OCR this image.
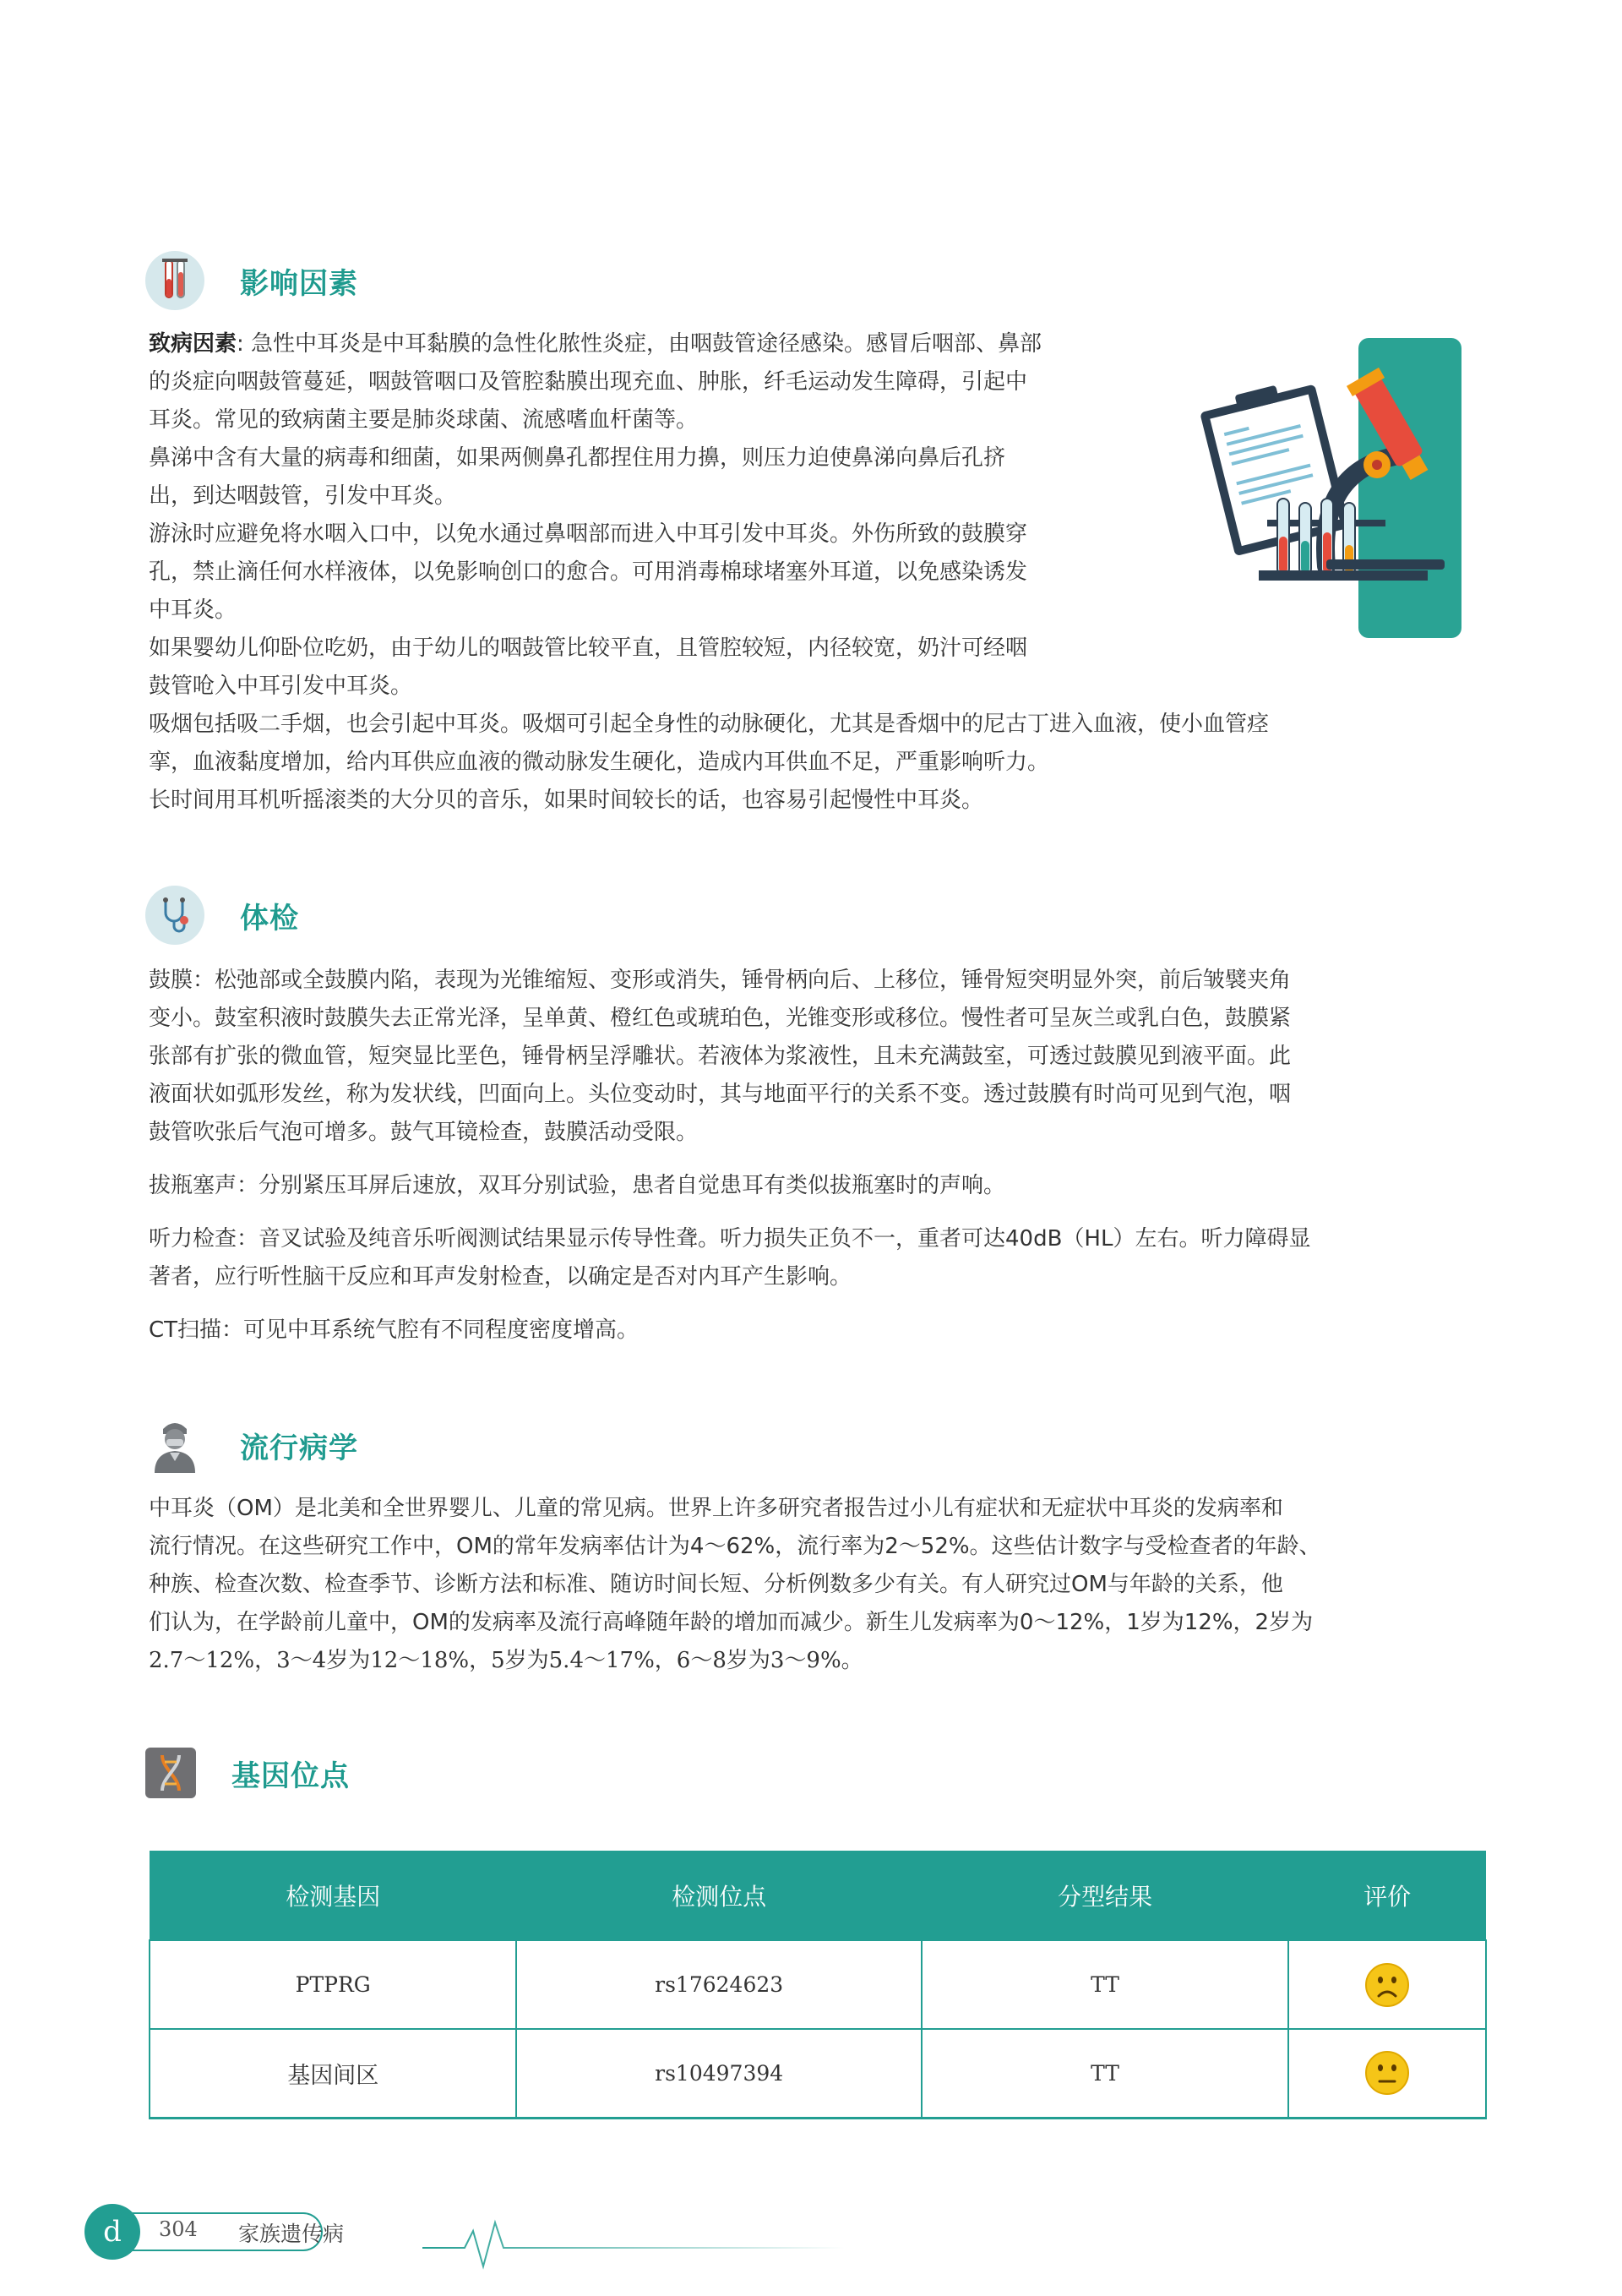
影响因素

致病因素: 急性中耳炎是中耳黏膜的急性化脓性炎症，由咽鼓管途径感染。感冒后咽部、鼻部

的炎症向咽鼓管蔓延，咽鼓管咽口及管腔黏膜出现充血、肿胀，纤毛运动发生障碍，引起中

耳炎。常见的致病菌主要是肺炎球菌、流感嗜血杆菌等。

鼻涕中含有大量的病毒和细菌，如果两侧鼻孔都捏住用力擤，则压力迫使鼻涕向鼻后孔挤

出，到达咽鼓管，引发中耳炎。

游泳时应避免将水咽入口中，以免水通过鼻咽部而进入中耳引发中耳炎。外伤所致的鼓膜穿

孔，禁止滴任何水样液体，以免影响创口的愈合。可用消毒棉球堵塞外耳道，以免感染诱发

中耳炎。

如果婴幼儿仰卧位吃奶，由于幼儿的咽鼓管比较平直，且管腔较短，内径较宽，奶汁可经咽

鼓管呛入中耳引发中耳炎。

吸烟包括吸二手烟，也会引起中耳炎。吸烟可引起全身性的动脉硬化，尤其是香烟中的尼古丁进入血液，使小血管痉

挛，血液黏度增加，给内耳供应血液的微动脉发生硬化，造成内耳供血不足，严重影响听力。

长时间用耳机听摇滚类的大分贝的音乐，如果时间较长的话，也容易引起慢性中耳炎。

体检

鼓膜：松弛部或全鼓膜内陷，表现为光锥缩短、变形或消失，锤骨柄向后、上移位，锤骨短突明显外突，前后皱襞夹角

变小。鼓室积液时鼓膜失去正常光泽，呈单黄、橙红色或琥珀色，光锥变形或移位。慢性者可呈灰兰或乳白色，鼓膜紧

张部有扩张的微血管，短突显比垩色，锤骨柄呈浮雕状。若液体为浆液性，且未充满鼓室，可透过鼓膜见到液平面。此

液面状如弧形发丝，称为发状线，凹面向上。头位变动时，其与地面平行的关系不变。透过鼓膜有时尚可见到气泡，咽

鼓管吹张后气泡可增多。鼓气耳镜检查，鼓膜活动受限。

拔瓶塞声：分别紧压耳屏后速放，双耳分别试验，患者自觉患耳有类似拔瓶塞时的声响。

听力检查：音叉试验及纯音乐听阀测试结果显示传导性聋。听力损失正负不一，重者可达40dB（HL）左右。听力障碍显

著者，应行听性脑干反应和耳声发射检查，以确定是否对内耳产生影响。

CT扫描：可见中耳系统气腔有不同程度密度增高。

流行病学

中耳炎（OM）是北美和全世界婴儿、儿童的常见病。世界上许多研究者报告过小儿有症状和无症状中耳炎的发病率和

流行情况。在这些研究工作中，OM的常年发病率估计为4～62%，流行率为2～52%。这些估计数字与受检查者的年龄、

种族、检查次数、检查季节、诊断方法和标准、随访时间长短、分析例数多少有关。有人研究过OM与年龄的关系，他

们认为，在学龄前儿童中，OM的发病率及流行高峰随年龄的增加而减少。新生儿发病率为0～12%，1岁为12%，2岁为

2.7～12%，3～4岁为12～18%，5岁为5.4～17%，6～8岁为3～9%。

基因位点
检测基因	检测位点	分型结果	评价
PTPRG	rs17624623	TT	
基因间区	rs10497394	TT	
d	304 家族遗传病
